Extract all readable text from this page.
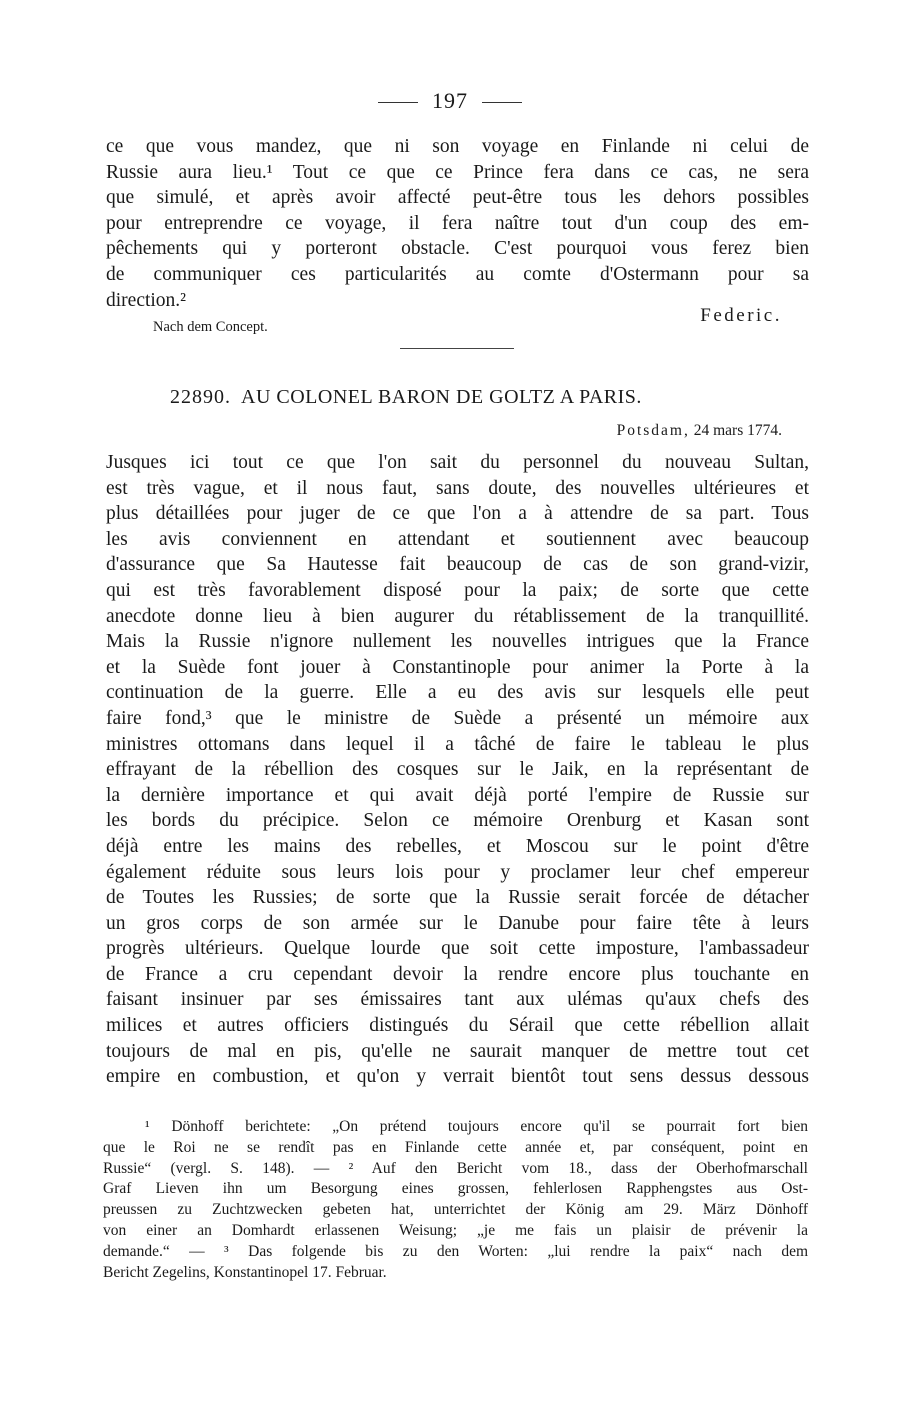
197

ce que vous mandez, que ni son voyage en Finlande ni celui de
Russie aura lieu.¹ Tout ce que ce Prince fera dans ce cas, ne sera
que simulé, et après avoir affecté peut-être tous les dehors possibles
pour entreprendre ce voyage, il fera naître tout d'un coup des em-
pêchements qui y porteront obstacle. C'est pourquoi vous ferez bien
de communiquer ces particularités au comte d'Ostermann pour sa
direction.²

Federic.
Nach dem Concept.
22890. AU COLONEL BARON DE GOLTZ A PARIS.
Potsdam, 24 mars 1774.

Jusques ici tout ce que l'on sait du personnel du nouveau Sultan,
est très vague, et il nous faut, sans doute, des nouvelles ultérieures et
plus détaillées pour juger de ce que l'on a à attendre de sa part. Tous
les avis conviennent en attendant et soutiennent avec beaucoup
d'assurance que Sa Hautesse fait beaucoup de cas de son grand-vizir,
qui est très favorablement disposé pour la paix; de sorte que cette
anecdote donne lieu à bien augurer du rétablissement de la tranquillité.
Mais la Russie n'ignore nullement les nouvelles intrigues que la France
et la Suède font jouer à Constantinople pour animer la Porte à la
continuation de la guerre. Elle a eu des avis sur lesquels elle peut
faire fond,³ que le ministre de Suède a présenté un mémoire aux
ministres ottomans dans lequel il a tâché de faire le tableau le plus
effrayant de la rébellion des cosques sur le Jaik, en la représentant de
la dernière importance et qui avait déjà porté l'empire de Russie sur
les bords du précipice. Selon ce mémoire Orenburg et Kasan sont
déjà entre les mains des rebelles, et Moscou sur le point d'être
également réduite sous leurs lois pour y proclamer leur chef empereur
de Toutes les Russies; de sorte que la Russie serait forcée de détacher
un gros corps de son armée sur le Danube pour faire tête à leurs
progrès ultérieurs. Quelque lourde que soit cette imposture, l'ambassadeur
de France a cru cependant devoir la rendre encore plus touchante en
faisant insinuer par ses émissaires tant aux ulémas qu'aux chefs des
milices et autres officiers distingués du Sérail que cette rébellion allait
toujours de mal en pis, qu'elle ne saurait manquer de mettre tout cet
empire en combustion, et qu'on y verrait bientôt tout sens dessus dessous

¹ Dönhoff berichtete: „On prétend toujours encore qu'il se pourrait fort bien
que le Roi ne se rendît pas en Finlande cette année et, par conséquent, point en
Russie“ (vergl. S. 148). — ² Auf den Bericht vom 18., dass der Oberhofmarschall
Graf Lieven ihn um Besorgung eines grossen, fehlerlosen Rapphengstes aus Ost-
preussen zu Zuchtzwecken gebeten hat, unterrichtet der König am 29. März Dönhoff
von einer an Domhardt erlassenen Weisung; „je me fais un plaisir de prévenir la
demande.“ — ³ Das folgende bis zu den Worten: „lui rendre la paix“ nach dem
Bericht Zegelins, Konstantinopel 17. Februar.
